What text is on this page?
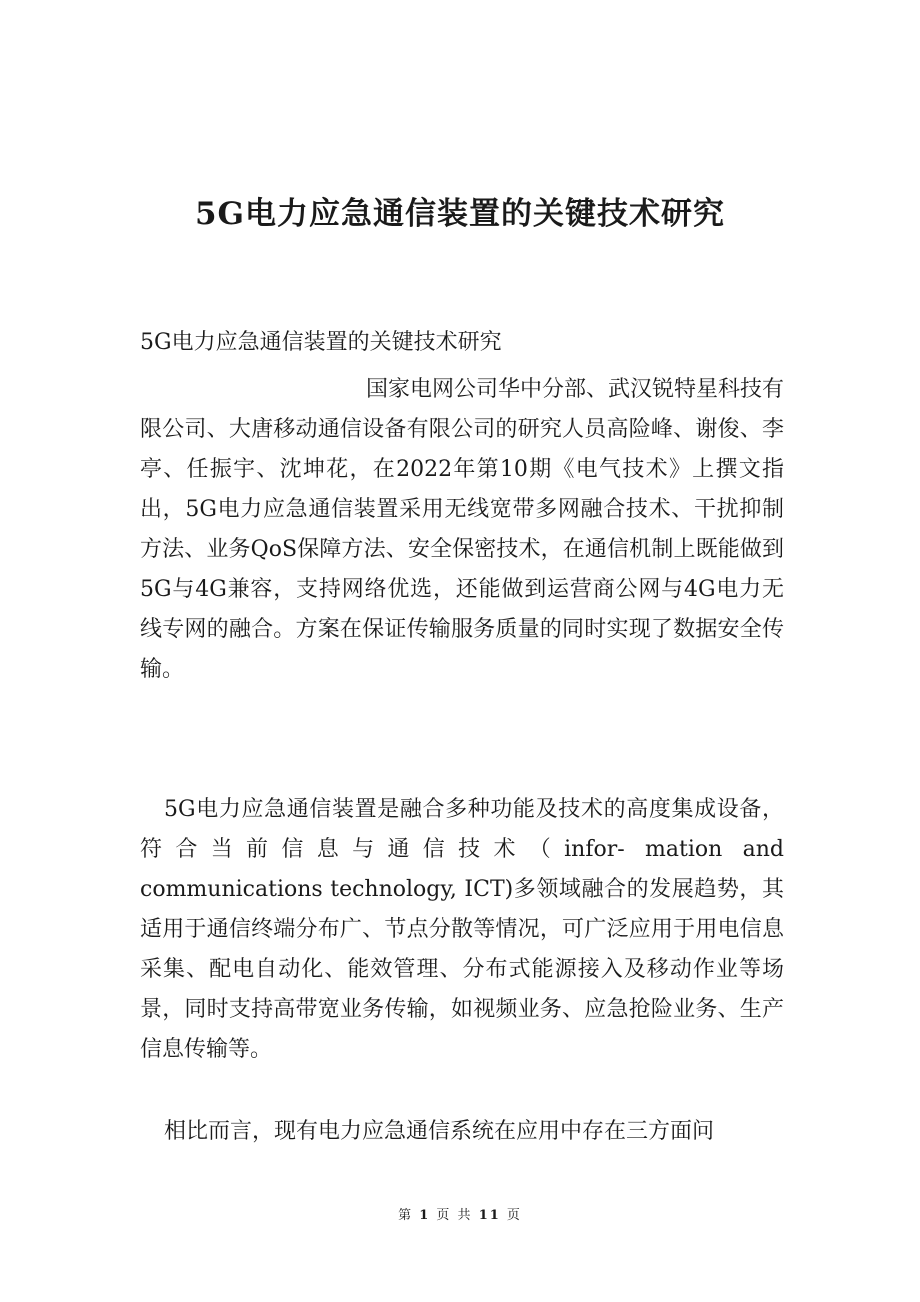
5G电力应急通信装置的关键技术研究
5G电力应急通信装置的关键技术研究

国家电网公司华中分部、武汉锐特星科技有限公司、大唐移动通信设备有限公司的研究人员高险峰、谢俊、李亭、任振宇、沈坤花，在2022年第10期《电气技术》上撰文指出，5G电力应急通信装置采用无线宽带多网融合技术、干扰抑制方法、业务QoS保障方法、安全保密技术，在通信机制上既能做到5G与4G兼容，支持网络优选，还能做到运营商公网与4G电力无线专网的融合。方案在保证传输服务质量的同时实现了数据安全传输。

5G电力应急通信装置是融合多种功能及技术的高度集成设备，符合当前信息与通信技术（infor- mation and communications technology, ICT)多领域融合的发展趋势，其适用于通信终端分布广、节点分散等情况，可广泛应用于用电信息采集、配电自动化、能效管理、分布式能源接入及移动作业等场景，同时支持高带宽业务传输，如视频业务、应急抢险业务、生产信息传输等。

相比而言，现有电力应急通信系统在应用中存在三方面问

第 1 页 共 11 页
